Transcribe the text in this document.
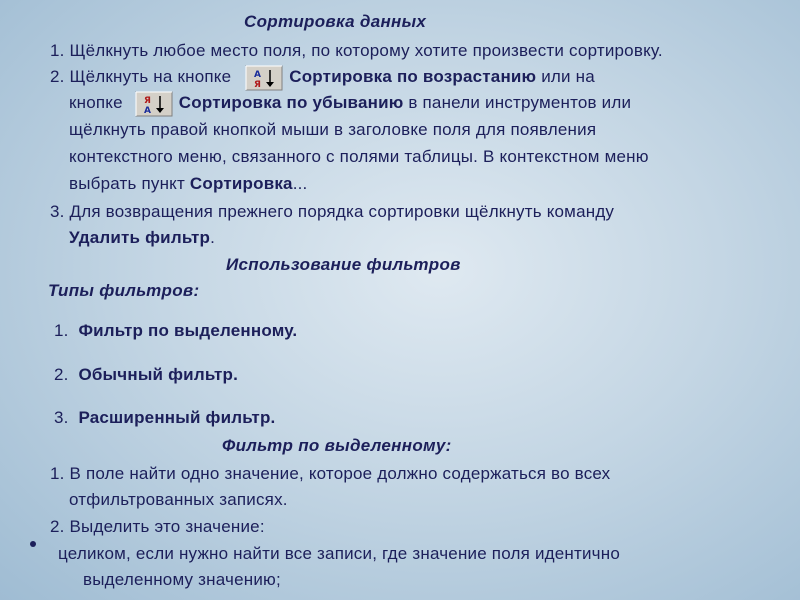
Сортировка данных
1. Щёлкнуть любое место поля, по которому хотите произвести сортировку.
2. Щёлкнуть на кнопке	A
Я Сортировка по возрастанию или на
кнопке Я
A Сортировка по убыванию в панели инструментов или
щёлкнуть правой кнопкой мыши в заголовке поля для появления
контекстного меню, связанного с полями таблицы. В контекстном меню
выбрать пункт Сортировка...
3. Для возвращения прежнего порядка сортировки щёлкнуть команду
Удалить фильтр.
Использование фильтров
Типы фильтров:
1. Фильтр по выделенному.
2. Обычный фильтр.
3. Расширенный фильтр.
Фильтр по выделенному:
1. В поле найти одно значение, которое должно содержаться во всех
отфильтрованных записях.
2. Выделить это значение:
целиком, если нужно найти все записи, где значение поля идентично
выделенному значению;
